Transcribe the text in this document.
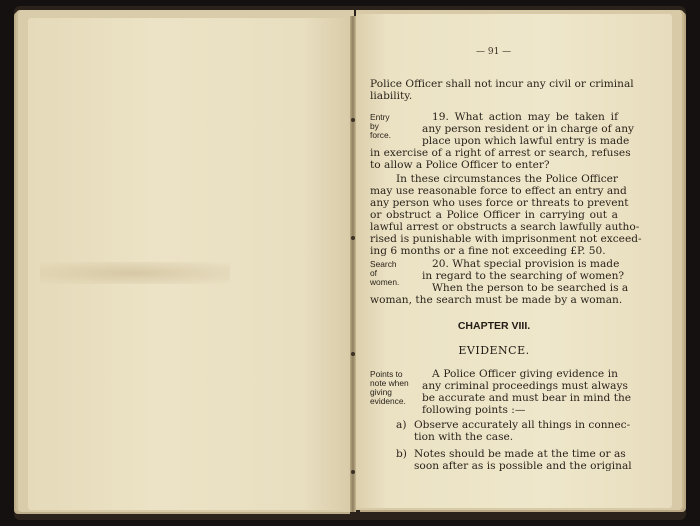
— 91 —
Police Officer shall not incur any civil or criminal
liability.
Entry
by
force.
19. What action may be taken if
any person resident or in charge of any
place upon which lawful entry is made
in exercise of a right of arrest or search, refuses
to allow a Police Officer to enter?
In these circumstances the Police Officer
may use reasonable force to effect an entry and
any person who uses force or threats to prevent
or obstruct a Police Officer in carrying out a
lawful arrest or obstructs a search lawfully autho-
rised is punishable with imprisonment not exceed-
ing 6 months or a fine not exceeding £P. 50.
Search
of
women.
20. What special provision is made
in regard to the searching of women?
When the person to be searched is a
woman, the search must be made by a woman.
CHAPTER VIII.
EVIDENCE.
Points to
note when
giving
evidence.
A Police Officer giving evidence in
any criminal proceedings must always
be accurate and must bear in mind the
following points :—
a) Observe accurately all things in connec-
tion with the case.
b) Notes should be made at the time or as
soon after as is possible and the original
